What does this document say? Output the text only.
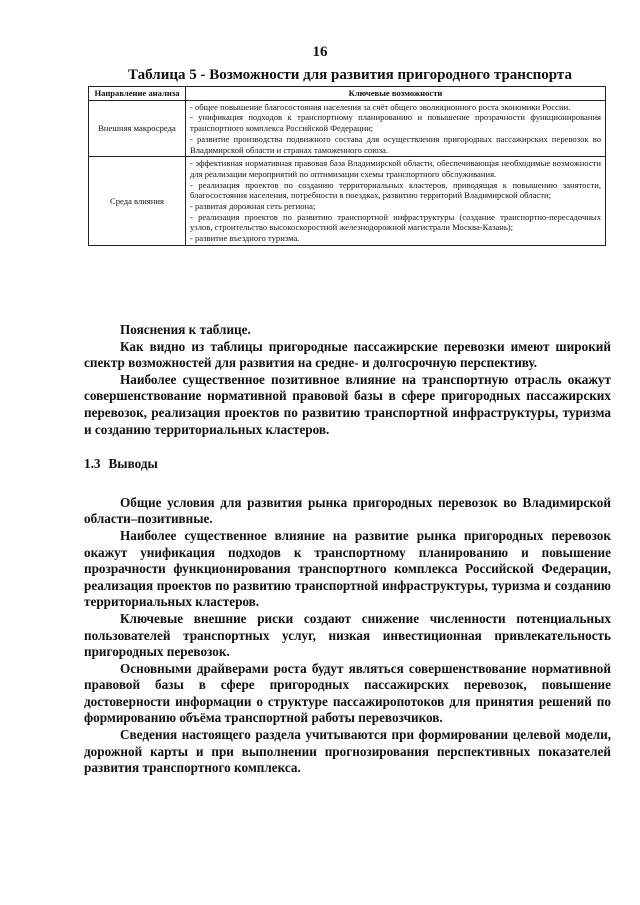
16
Таблица 5 - Возможности для развития пригородного транспорта
Направление анализа	Ключевые возможности
Внешняя макросреда	- общее повышение благосостояния населения за счёт общего эволюционного роста экономики России.
- унификация подходов к транспортному планированию и повышение прозрачности функционирования транспортного комплекса Российской Федерации;
- развитие производства подвижного состава для осуществления пригородных пассажирских перевозок во Владимирской области и странах таможенного союза.

Среда влияния	- эффективная нормативная правовая база Владимирской области, обеспечивающая необходимые возможности для реализации мероприятий по оптимизации схемы транспортного обслуживания.
- реализация проектов по созданию территориальных кластеров, приводящая к повышению занятости, благосостояния населения, потребности в поездках, развитию территорий Владимирской области;
- развитая дорожная сеть региона;
- реализация проектов по развитию транспортной инфраструктуры (создание транспортно-пересадочных узлов, строительство высокоскоростной железнодорожной магистрали Москва-Казань);
- развитие въездного туризма.

Пояснения к таблице.

Как видно из таблицы пригородные пассажирские перевозки имеют широкий спектр возможностей для развития на средне- и долгосрочную перспективу.

Наиболее существенное позитивное влияние на транспортную отрасль окажут совершенствование нормативной правовой базы в сфере пригородных пассажирских перевозок, реализация проектов по развитию транспортной инфраструктуры, туризма и созданию территориальных кластеров.

1.3 Выводы

Общие условия для развития рынка пригородных перевозок во Владимирской области–позитивные.

Наиболее существенное влияние на развитие рынка пригородных перевозок окажут унификация подходов к транспортному планированию и повышение прозрачности функционирования транспортного комплекса Российской Федерации, реализация проектов по развитию транспортной инфраструктуры, туризма и созданию территориальных кластеров.

Ключевые внешние риски создают снижение численности потенциальных пользователей транспортных услуг, низкая инвестиционная привлекательность пригородных перевозок.

Основными драйверами роста будут являться совершенствование нормативной правовой базы в сфере пригородных пассажирских перевозок, повышение достоверности информации о структуре пассажиропотоков для принятия решений по формированию объёма транспортной работы перевозчиков.

Сведения настоящего раздела учитываются при формировании целевой модели, дорожной карты и при выполнении прогнозирования перспективных показателей развития транспортного комплекса.
